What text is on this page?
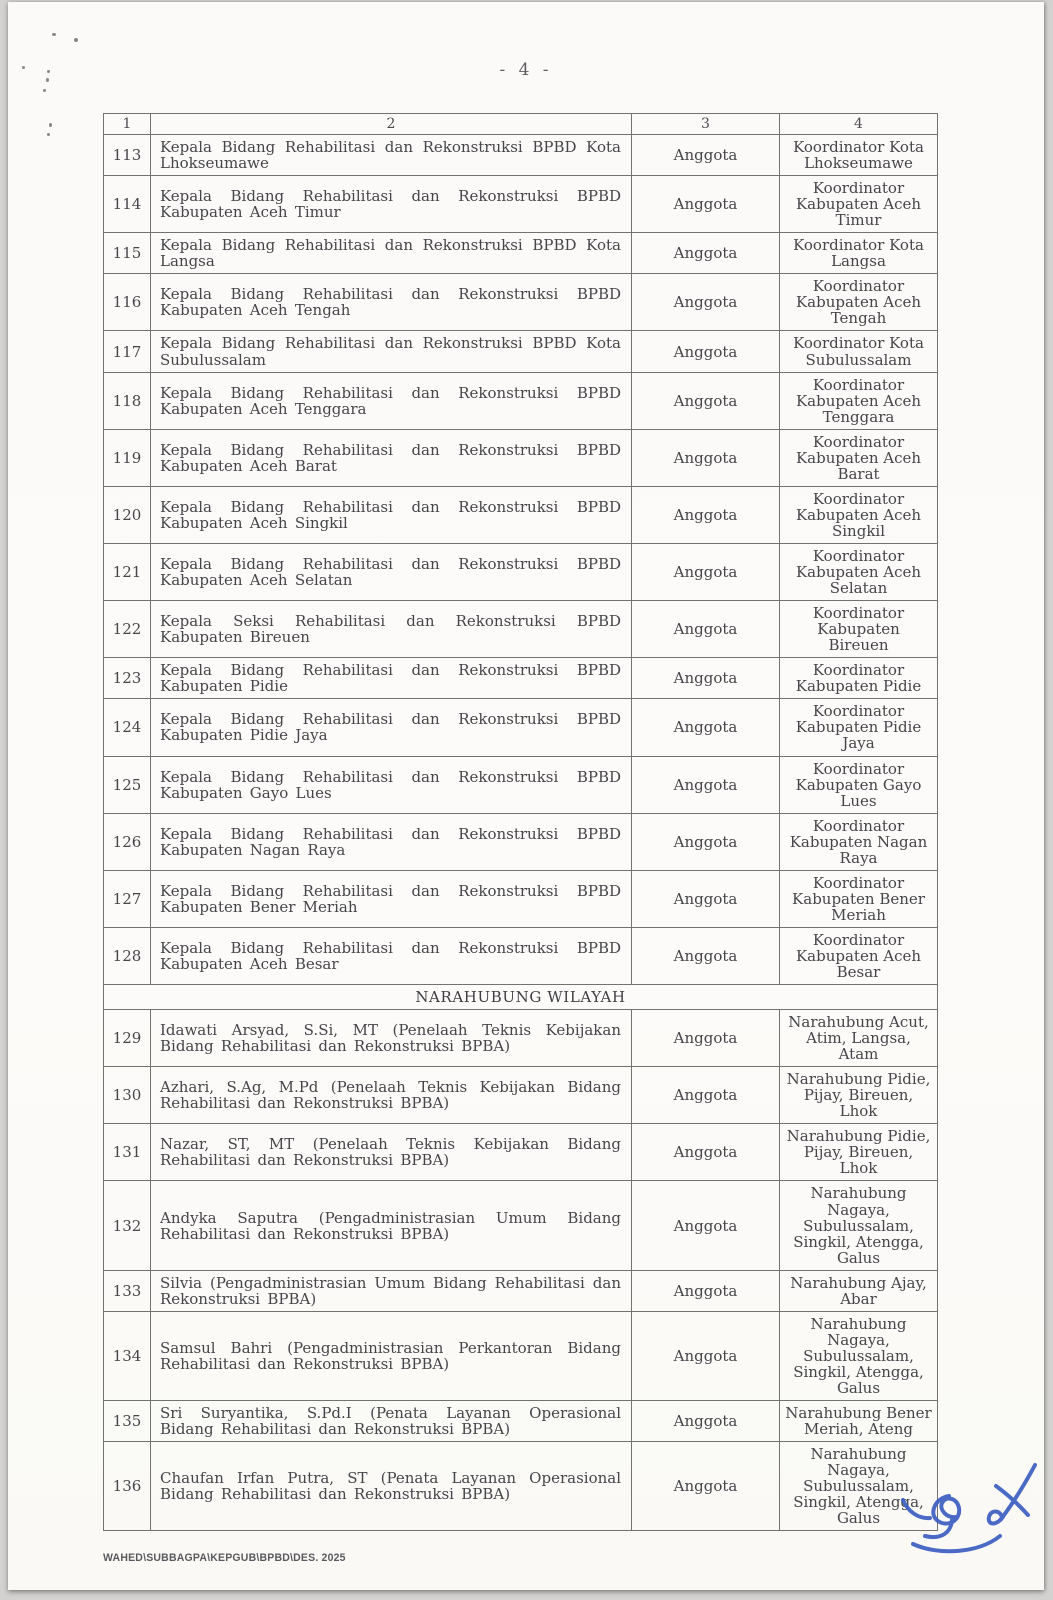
- 4 -
1	2	3	4
113	Kepala Bidang Rehabilitasi dan Rekonstruksi BPBD Kota Lhokseumawe	Anggota	Koordinator Kota Lhokseumawe
114	Kepala Bidang Rehabilitasi dan Rekonstruksi BPBD Kabupaten Aceh Timur	Anggota	Koordinator Kabupaten Aceh Timur
115	Kepala Bidang Rehabilitasi dan Rekonstruksi BPBD Kota Langsa	Anggota	Koordinator Kota Langsa
116	Kepala Bidang Rehabilitasi dan Rekonstruksi BPBD Kabupaten Aceh Tengah	Anggota	Koordinator Kabupaten Aceh Tengah
117	Kepala Bidang Rehabilitasi dan Rekonstruksi BPBD Kota Subulussalam	Anggota	Koordinator Kota Subulussalam
118	Kepala Bidang Rehabilitasi dan Rekonstruksi BPBD Kabupaten Aceh Tenggara	Anggota	Koordinator Kabupaten Aceh Tenggara
119	Kepala Bidang Rehabilitasi dan Rekonstruksi BPBD Kabupaten Aceh Barat	Anggota	Koordinator Kabupaten Aceh Barat
120	Kepala Bidang Rehabilitasi dan Rekonstruksi BPBD Kabupaten Aceh Singkil	Anggota	Koordinator Kabupaten Aceh Singkil
121	Kepala Bidang Rehabilitasi dan Rekonstruksi BPBD Kabupaten Aceh Selatan	Anggota	Koordinator Kabupaten Aceh Selatan
122	Kepala Seksi Rehabilitasi dan Rekonstruksi BPBD Kabupaten Bireuen	Anggota	Koordinator Kabupaten Bireuen
123	Kepala Bidang Rehabilitasi dan Rekonstruksi BPBD Kabupaten Pidie	Anggota	Koordinator Kabupaten Pidie
124	Kepala Bidang Rehabilitasi dan Rekonstruksi BPBD Kabupaten Pidie Jaya	Anggota	Koordinator Kabupaten Pidie Jaya
125	Kepala Bidang Rehabilitasi dan Rekonstruksi BPBD Kabupaten Gayo Lues	Anggota	Koordinator Kabupaten Gayo Lues
126	Kepala Bidang Rehabilitasi dan Rekonstruksi BPBD Kabupaten Nagan Raya	Anggota	Koordinator Kabupaten Nagan Raya
127	Kepala Bidang Rehabilitasi dan Rekonstruksi BPBD Kabupaten Bener Meriah	Anggota	Koordinator Kabupaten Bener Meriah
128	Kepala Bidang Rehabilitasi dan Rekonstruksi BPBD Kabupaten Aceh Besar	Anggota	Koordinator Kabupaten Aceh Besar
NARAHUBUNG WILAYAH			
129	Idawati Arsyad, S.Si, MT (Penelaah Teknis Kebijakan Bidang Rehabilitasi dan Rekonstruksi BPBA)	Anggota	Narahubung Acut, Atim, Langsa, Atam
130	Azhari, S.Ag, M.Pd (Penelaah Teknis Kebijakan Bidang Rehabilitasi dan Rekonstruksi BPBA)	Anggota	Narahubung Pidie, Pijay, Bireuen, Lhok
131	Nazar, ST, MT (Penelaah Teknis Kebijakan Bidang Rehabilitasi dan Rekonstruksi BPBA)	Anggota	Narahubung Pidie, Pijay, Bireuen, Lhok
132	Andyka Saputra (Pengadministrasian Umum Bidang Rehabilitasi dan Rekonstruksi BPBA)	Anggota	Narahubung Nagaya, Subulussalam, Singkil, Atengga, Galus
133	Silvia (Pengadministrasian Umum Bidang Rehabilitasi dan Rekonstruksi BPBA)	Anggota	Narahubung Ajay, Abar
134	Samsul Bahri (Pengadministrasian Perkantoran Bidang Rehabilitasi dan Rekonstruksi BPBA)	Anggota	Narahubung Nagaya, Subulussalam, Singkil, Atengga, Galus
135	Sri Suryantika, S.Pd.I (Penata Layanan Operasional Bidang Rehabilitasi dan Rekonstruksi BPBA)	Anggota	Narahubung Bener Meriah, Ateng
136	Chaufan Irfan Putra, ST (Penata Layanan Operasional Bidang Rehabilitasi dan Rekonstruksi BPBA)	Anggota	Narahubung Nagaya, Subulussalam, Singkil, Atengga, Galus
WAHED\SUBBAGPA\KEPGUB\BPBD\DES. 2025
